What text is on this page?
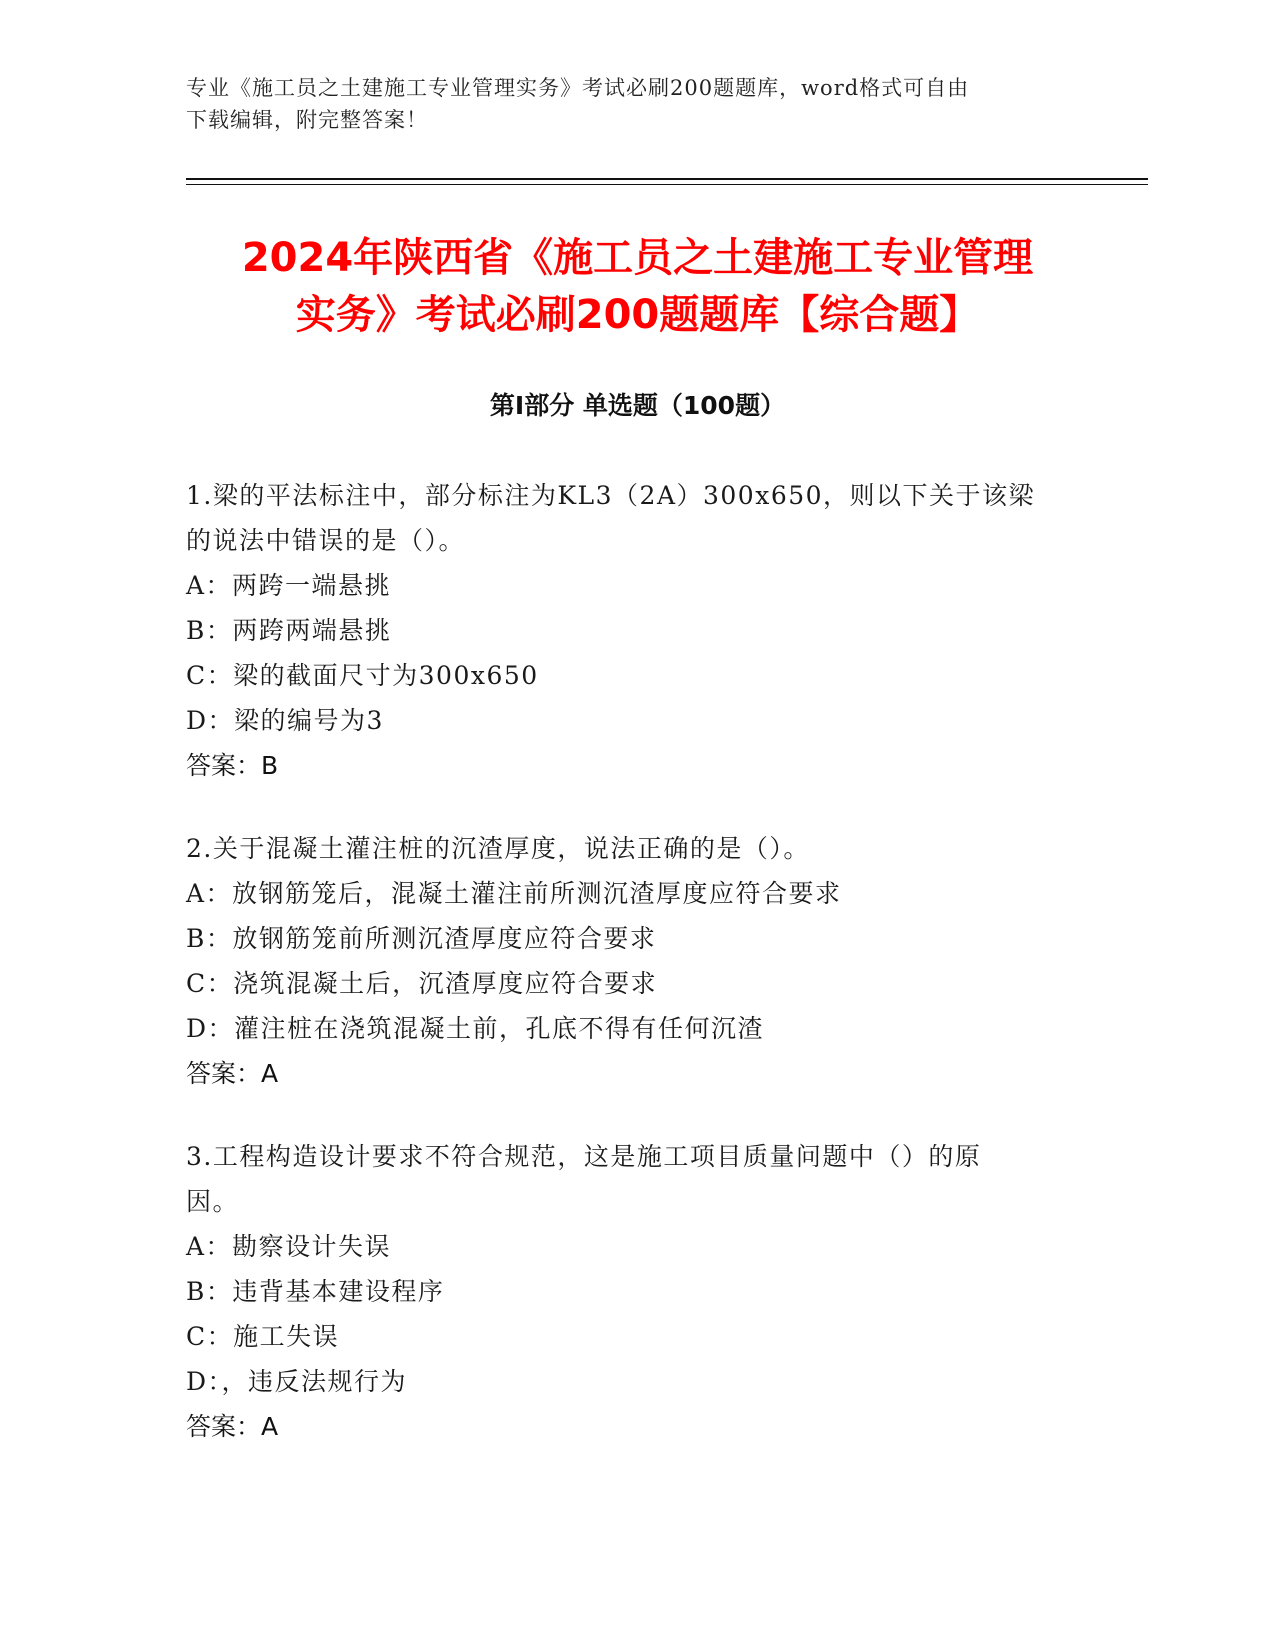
专业《施工员之土建施工专业管理实务》考试必刷200题题库，word格式可自由
下载编辑，附完整答案！
2024年陕西省《施工员之土建施工专业管理
实务》考试必刷200题题库【综合题】
第Ⅰ部分 单选题（100题）

1.梁的平法标注中，部分标注为KL3（2A）300x650，则以下关于该梁
的说法中错误的是（）。

A：两跨一端悬挑
B：两跨两端悬挑
C：梁的截面尺寸为300x650
D：梁的编号为3
答案：B

2.关于混凝土灌注桩的沉渣厚度，说法正确的是（）。

A：放钢筋笼后，混凝土灌注前所测沉渣厚度应符合要求
B：放钢筋笼前所测沉渣厚度应符合要求
C：浇筑混凝土后，沉渣厚度应符合要求
D：灌注桩在浇筑混凝土前，孔底不得有任何沉渣
答案：A

3.工程构造设计要求不符合规范，这是施工项目质量问题中（）的原
因。

A：勘察设计失误
B：违背基本建设程序
C：施工失误
D：，违反法规行为
答案：A
